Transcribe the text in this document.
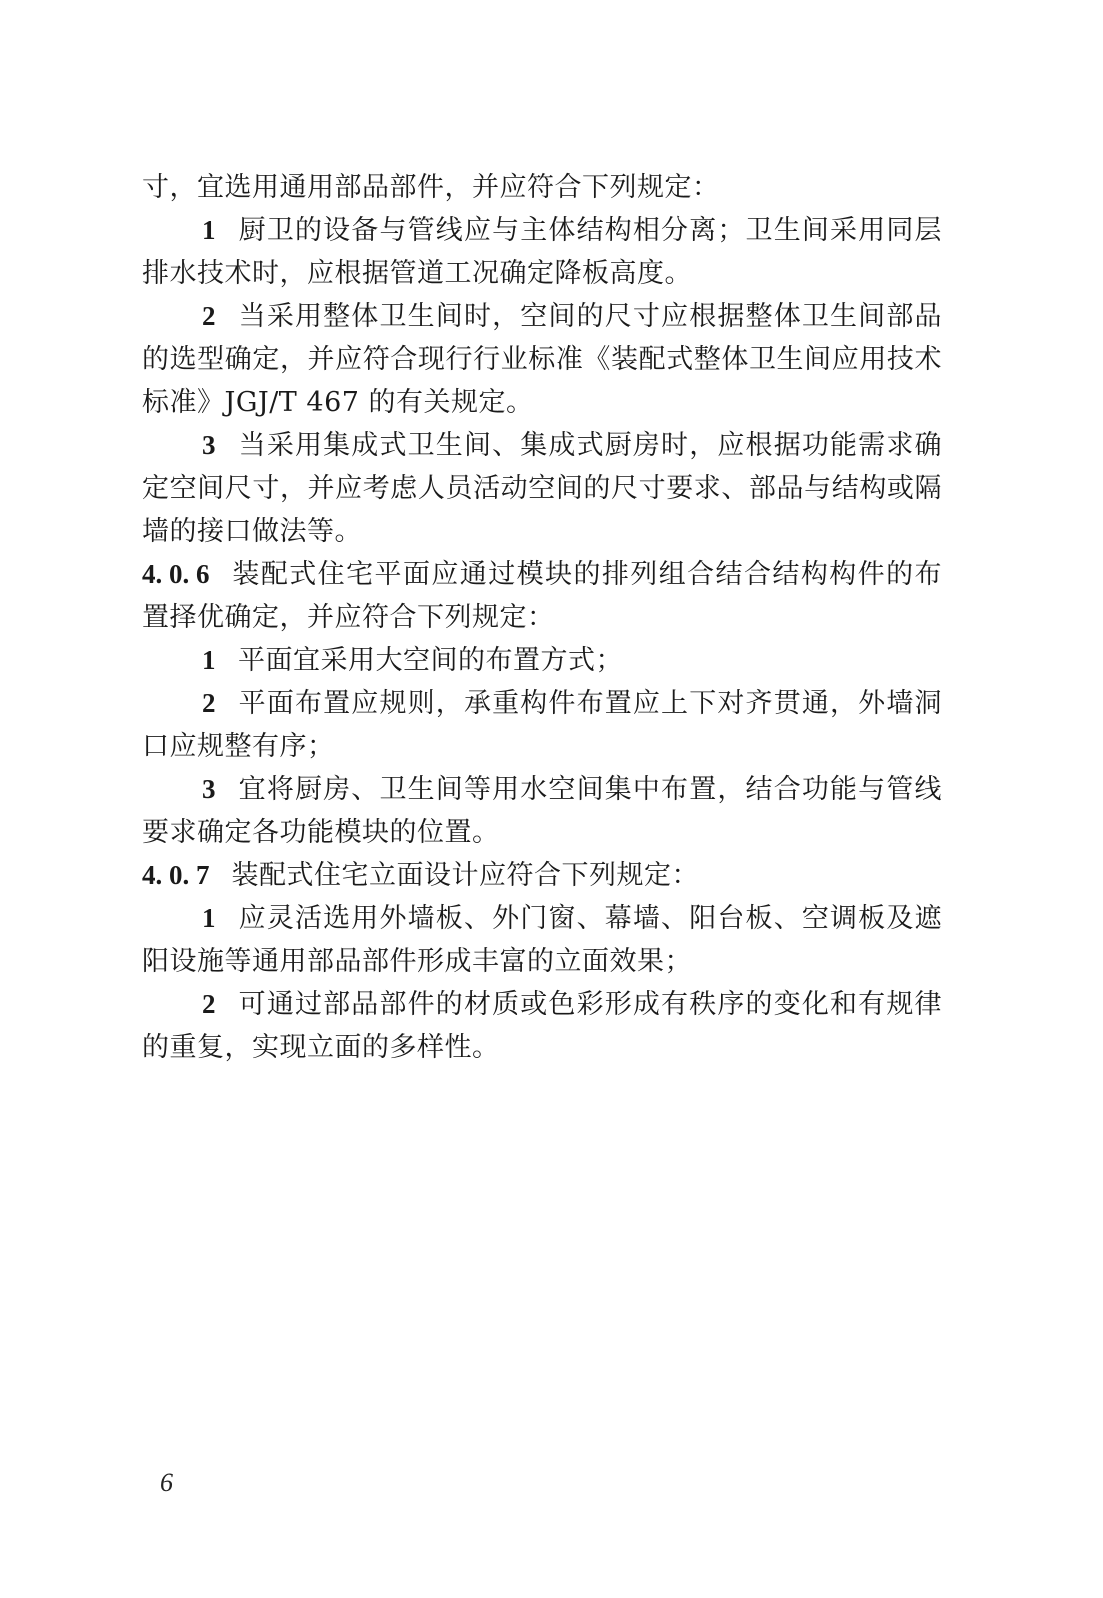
寸，宜选用通用部品部件，并应符合下列规定：

1 厨卫的设备与管线应与主体结构相分离；卫生间采用同层排水技术时，应根据管道工况确定降板高度。

2 当采用整体卫生间时，空间的尺寸应根据整体卫生间部品的选型确定，并应符合现行行业标准《装配式整体卫生间应用技术标准》JGJ/T 467 的有关规定。

3 当采用集成式卫生间、集成式厨房时，应根据功能需求确定空间尺寸，并应考虑人员活动空间的尺寸要求、部品与结构或隔墙的接口做法等。

4. 0. 6 装配式住宅平面应通过模块的排列组合结合结构构件的布置择优确定，并应符合下列规定：

1 平面宜采用大空间的布置方式；

2 平面布置应规则，承重构件布置应上下对齐贯通，外墙洞口应规整有序；

3 宜将厨房、卫生间等用水空间集中布置，结合功能与管线要求确定各功能模块的位置。

4. 0. 7 装配式住宅立面设计应符合下列规定：

1 应灵活选用外墙板、外门窗、幕墙、阳台板、空调板及遮阳设施等通用部品部件形成丰富的立面效果；

2 可通过部品部件的材质或色彩形成有秩序的变化和有规律的重复，实现立面的多样性。

6
